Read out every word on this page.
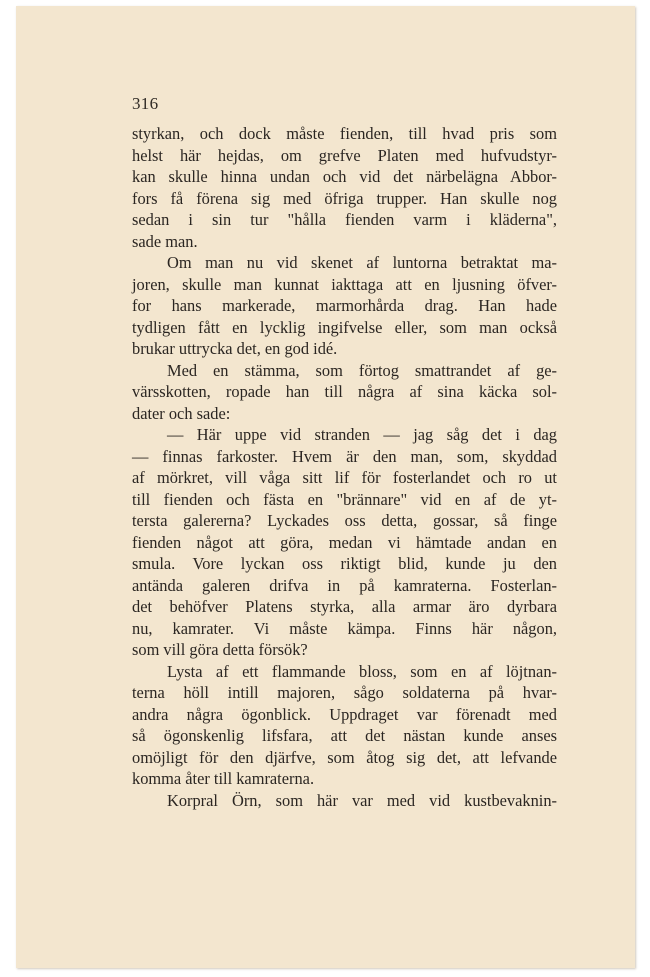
316
styrkan, och dock måste fienden, till hvad pris som
helst här hejdas, om grefve Platen med hufvudstyr-
kan skulle hinna undan och vid det närbelägna Abbor-
fors få förena sig med öfriga trupper. Han skulle nog
sedan i sin tur "hålla fienden varm i kläderna",
sade man.
Om man nu vid skenet af luntorna betraktat ma-
joren, skulle man kunnat iakttaga att en ljusning öfver-
for hans markerade, marmorhårda drag. Han hade
tydligen fått en lycklig ingifvelse eller, som man också
brukar uttrycka det, en god idé.
Med en stämma, som förtog smattrandet af ge-
värsskotten, ropade han till några af sina käcka sol-
dater och sade:
— Här uppe vid stranden — jag såg det i dag
— finnas farkoster. Hvem är den man, som, skyddad
af mörkret, vill våga sitt lif för fosterlandet och ro ut
till fienden och fästa en "brännare" vid en af de yt-
tersta galererna? Lyckades oss detta, gossar, så finge
fienden något att göra, medan vi hämtade andan en
smula. Vore lyckan oss riktigt blid, kunde ju den
antända galeren drifva in på kamraterna. Fosterlan-
det behöfver Platens styrka, alla armar äro dyrbara
nu, kamrater. Vi måste kämpa. Finns här någon,
som vill göra detta försök?
Lysta af ett flammande bloss, som en af löjtnan-
terna höll intill majoren, sågo soldaterna på hvar-
andra några ögonblick. Uppdraget var förenadt med
så ögonskenlig lifsfara, att det nästan kunde anses
omöjligt för den djärfve, som åtog sig det, att lefvande
komma åter till kamraterna.
Korpral Örn, som här var med vid kustbevaknin-
